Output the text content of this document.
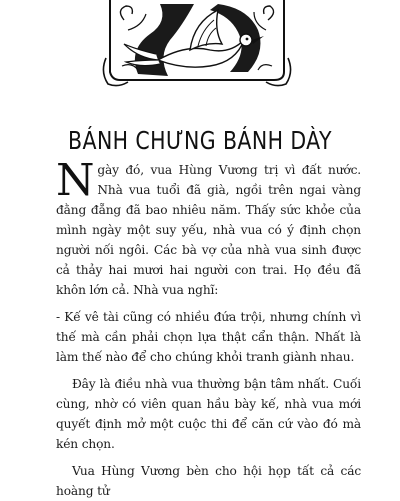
BÁNH CHƯNG BÁNH DÀY

Ngày đó, vua Hùng Vương trị vì đất nước. Nhà vua tuổi đã già, ngồi trên ngai vàng đằng đẵng đã bao nhiêu năm. Thấy sức khỏe của mình ngày một suy yếu, nhà vua có ý định chọn người nối ngôi. Các bà vợ của nhà vua sinh được cả thảy hai mươi hai người con trai. Họ đều đã khôn lớn cả. Nhà vua nghĩ:

- Kế vê tài cũng có nhiều đứa trội, nhưng chính vì thế mà cần phải chọn lựa thật cẩn thận. Nhất là làm thế nào để cho chúng khỏi tranh giành nhau.

Đây là điều nhà vua thường bận tâm nhất. Cuối cùng, nhờ có viên quan hầu bày kế, nhà vua mới quyết định mở một cuộc thi để căn cứ vào đó mà kén chọn.

Vua Hùng Vương bèn cho hội họp tất cả các hoàng tử
